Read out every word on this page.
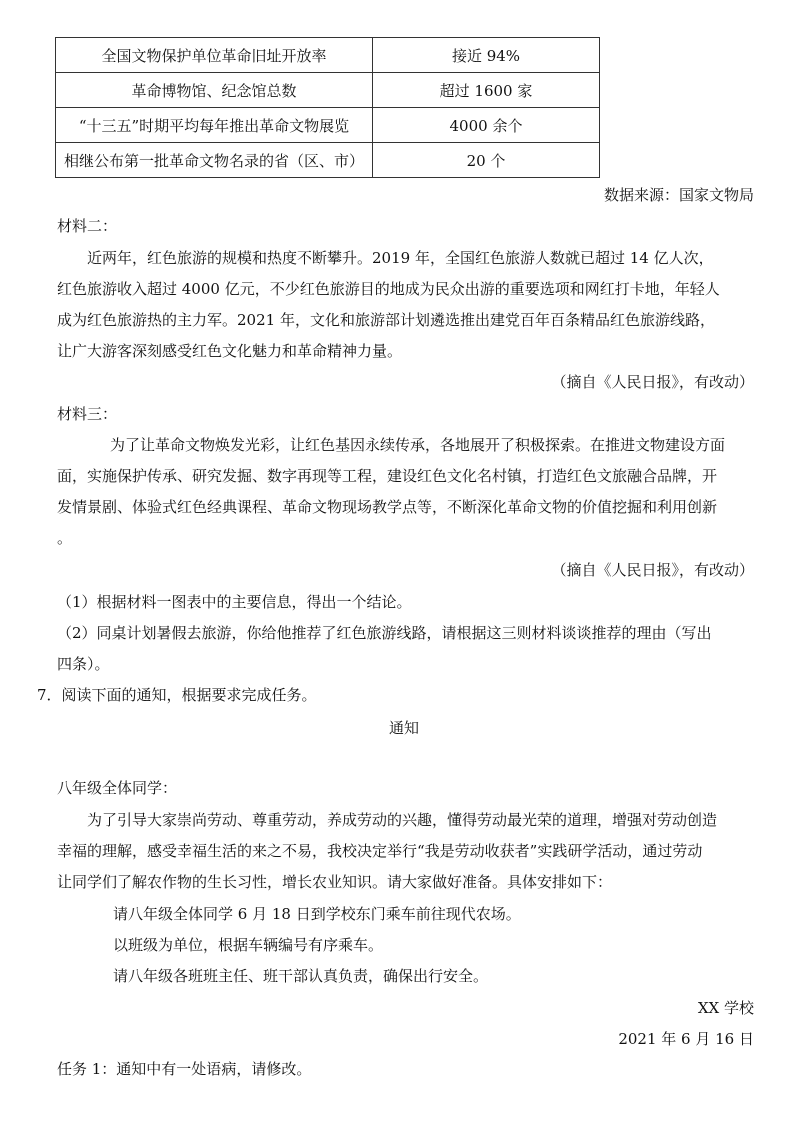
全国文物保护单位革命旧址开放率	接近 94%
革命博物馆、纪念馆总数	超过 1600 家
“十三五”时期平均每年推出革命文物展览	4000 余个
相继公布第一批革命文物名录的省（区、市）	20 个
数据来源：国家文物局
材料二：
近两年，红色旅游的规模和热度不断攀升。2019 年，全国红色旅游人数就已超过 14 亿人次，
红色旅游收入超过 4000 亿元，不少红色旅游目的地成为民众出游的重要选项和网红打卡地，年轻人
成为红色旅游热的主力军。2021 年，文化和旅游部计划遴选推出建党百年百条精品红色旅游线路，
让广大游客深刻感受红色文化魅力和革命精神力量。
（摘自《人民日报》，有改动）
材料三：
为了让革命文物焕发光彩，让红色基因永续传承，各地展开了积极探索。在推进文物建设方面
面，实施保护传承、研究发掘、数字再现等工程，建设红色文化名村镇，打造红色文旅融合品牌，开
发情景剧、体验式红色经典课程、革命文物现场教学点等，不断深化革命文物的价值挖掘和利用创新
。
（摘自《人民日报》，有改动）
（1）根据材料一图表中的主要信息，得出一个结论。
（2）同桌计划暑假去旅游，你给他推荐了红色旅游线路，请根据这三则材料谈谈推荐的理由（写出
四条）。
7．阅读下面的通知，根据要求完成任务。
通知
八年级全体同学：
为了引导大家崇尚劳动、尊重劳动，养成劳动的兴趣，懂得劳动最光荣的道理，增强对劳动创造
幸福的理解，感受幸福生活的来之不易，我校决定举行“我是劳动收获者”实践研学活动，通过劳动
让同学们了解农作物的生长习性，增长农业知识。请大家做好准备。具体安排如下：
请八年级全体同学 6 月 18 日到学校东门乘车前往现代农场。
以班级为单位，根据车辆编号有序乘车。
请八年级各班班主任、班干部认真负责，确保出行安全。
XX 学校
2021 年 6 月 16 日
任务 1：通知中有一处语病，请修改。
